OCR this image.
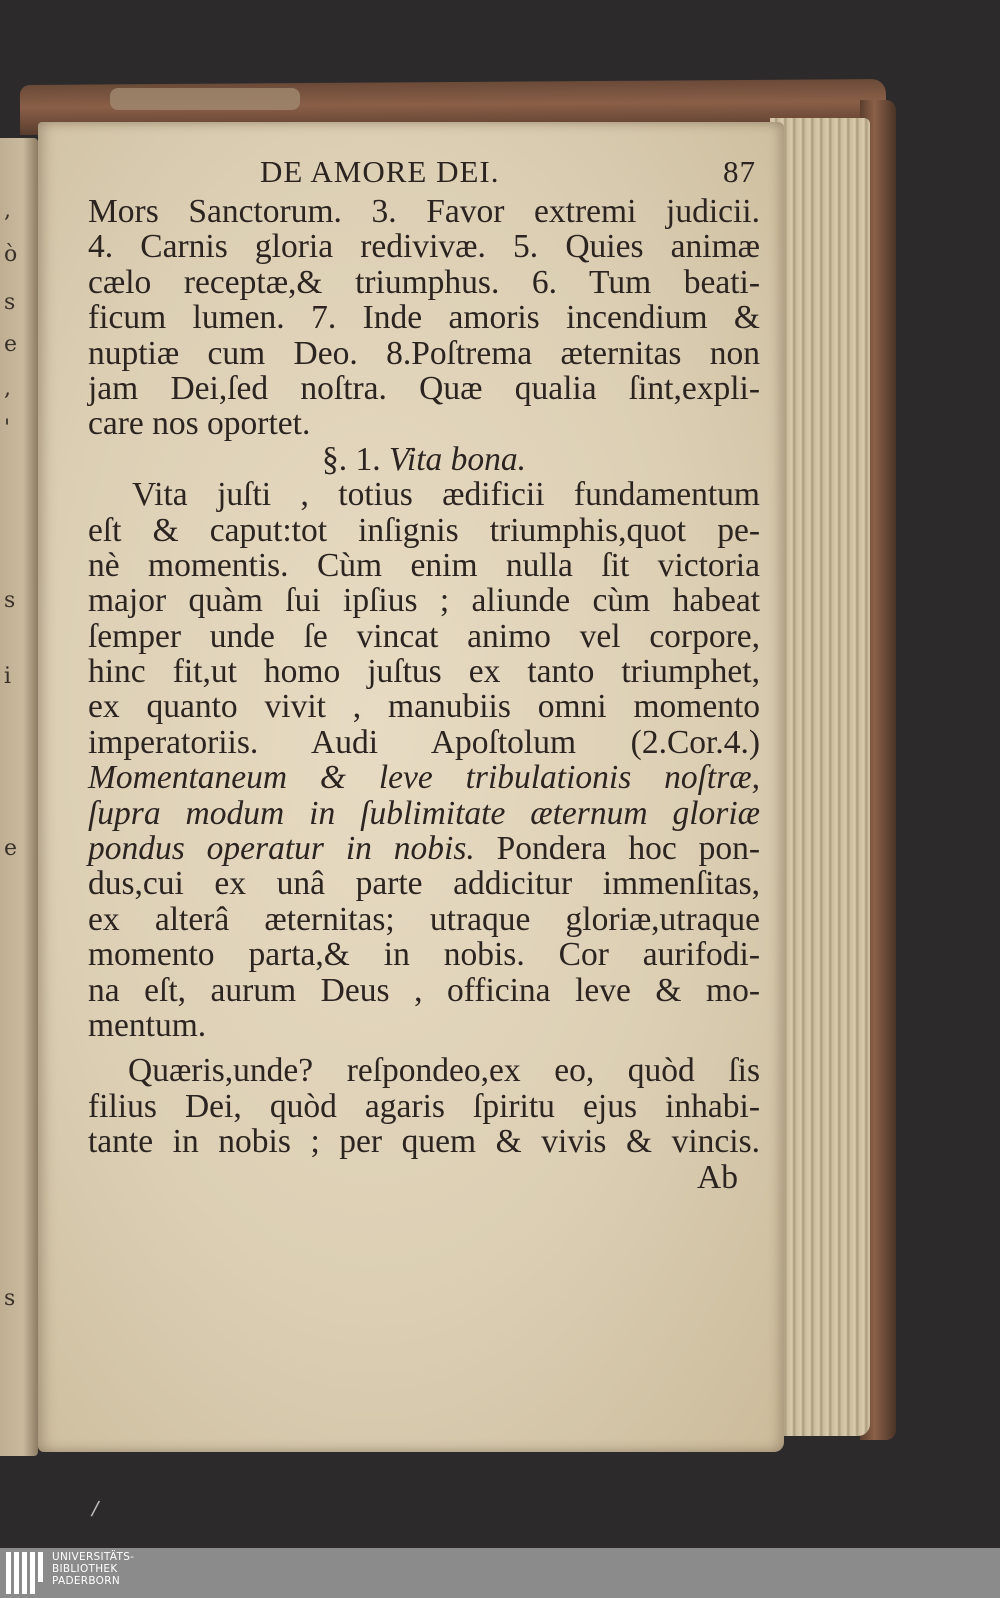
,
ò
s
e
,
'
s
i
e
s
DE AMORE DEI.	87
Mors Sanctorum. 3. Favor extremi judicii.
4. Carnis gloria redivivæ. 5. Quies animæ
cælo receptæ,& triumphus. 6. Tum beati-
ficum lumen. 7. Inde amoris incendium &
nuptiæ cum Deo. 8.Poſtrema æternitas non
jam Dei,ſed noſtra. Quæ qualia ſint,expli-
care nos oportet.
§. 1. Vita bona.
Vita juſti , totius ædificii fundamentum
eſt & caput:tot inſignis triumphis,quot pe-
nè momentis. Cùm enim nulla ſit victoria
major quàm ſui ipſius ; aliunde cùm habeat
ſemper unde ſe vincat animo vel corpore,
hinc fit,ut homo juſtus ex tanto triumphet,
ex quanto vivit , manubiis omni momento
imperatoriis. Audi Apoſtolum (2.Cor.4.)
Momentaneum & leve tribulationis noſtræ,
ſupra modum in ſublimitate æternum gloriæ
pondus operatur in nobis. Pondera hoc pon-
dus,cui ex unâ parte addicitur immenſitas,
ex alterâ æternitas; utraque gloriæ,utraque
momento parta,& in nobis. Cor aurifodi-
na eſt, aurum Deus , officina leve & mo-
mentum.
Quæris,unde? reſpondeo,ex eo, quòd ſis
filius Dei, quòd agaris ſpiritu ejus inhabi-
tante in nobis ; per quem & vivis & vincis.
Ab
/
UNIVERSITÄTS-
BIBLIOTHEK
PADERBORN
